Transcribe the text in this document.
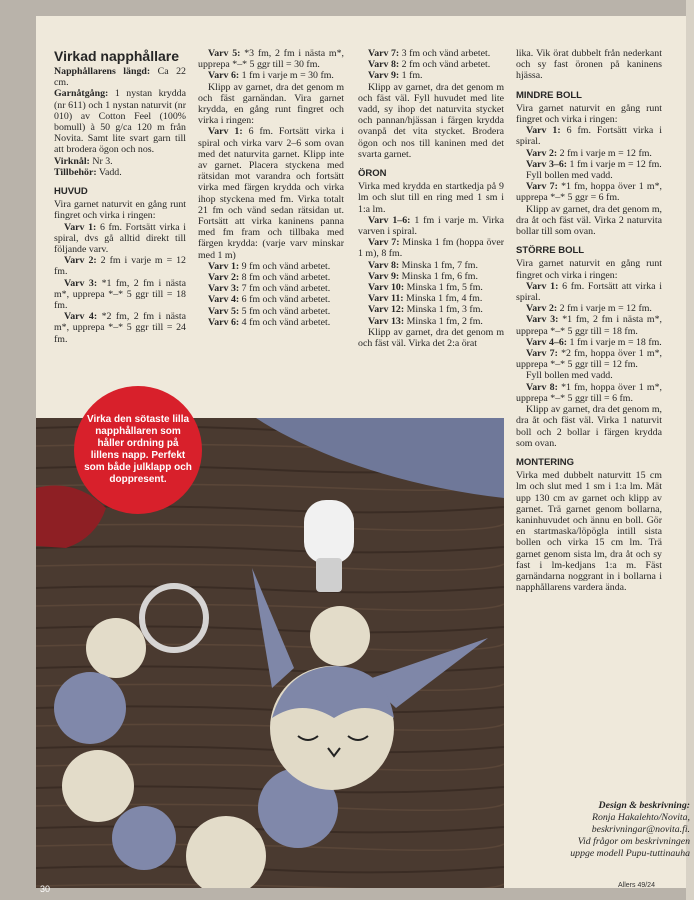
Virkad napphållare

Napphållarens längd: Ca 22 cm.

Garnåtgång: 1 nystan krydda (nr 611) och 1 nystan naturvit (nr 010) av Cotton Feel (100% bomull) à 50 g/ca 120 m från Novita. Samt lite svart garn till att brodera ögon och nos.

Virknål: Nr 3.

Tillbehör: Vadd.

HUVUD

Vira garnet naturvit en gång runt fingret och virka i ringen:

Varv 1: 6 fm. Fortsätt virka i spiral, dvs gå alltid direkt till följande varv.

Varv 2: 2 fm i varje m = 12 fm.

Varv 3: *1 fm, 2 fm i nästa m*, upprepa *–* 5 ggr till = 18 fm.

Varv 4: *2 fm, 2 fm i nästa m*, upprepa *–* 5 ggr till = 24 fm.

Varv 5: *3 fm, 2 fm i nästa m*, upprepa *–* 5 ggr till = 30 fm.

Varv 6: 1 fm i varje m = 30 fm.

Klipp av garnet, dra det genom m och fäst garnändan. Vira garnet krydda, en gång runt fingret och virka i ringen:

Varv 1: 6 fm. Fortsätt virka i spiral och virka varv 2–6 som ovan med det naturvita garnet. Klipp inte av garnet. Placera styckena med rätsidan mot varandra och fortsätt virka med färgen krydda och virka ihop styckena med fm. Virka totalt 21 fm och vänd sedan rätsidan ut. Fortsätt att virka kaninens panna med fm fram och tillbaka med färgen krydda: (varje varv minskar med 1 m)

Varv 1: 9 fm och vänd arbetet.

Varv 2: 8 fm och vänd arbetet.

Varv 3: 7 fm och vänd arbetet.

Varv 4: 6 fm och vänd arbetet.

Varv 5: 5 fm och vänd arbetet.

Varv 6: 4 fm och vänd arbetet.

Varv 7: 3 fm och vänd arbetet.

Varv 8: 2 fm och vänd arbetet.

Varv 9: 1 fm.

Klipp av garnet, dra det genom m och fäst väl. Fyll huvudet med lite vadd, sy ihop det naturvita stycket och pannan/hjässan i färgen krydda ovanpå det vita stycket. Brodera ögon och nos till kaninen med det svarta garnet.

ÖRON

Virka med krydda en startkedja på 9 lm och slut till en ring med 1 sm i 1:a lm.

Varv 1–6: 1 fm i varje m. Virka varven i spiral.

Varv 7: Minska 1 fm (hoppa över 1 m), 8 fm.

Varv 8: Minska 1 fm, 7 fm.

Varv 9: Minska 1 fm, 6 fm.

Varv 10: Minska 1 fm, 5 fm.

Varv 11: Minska 1 fm, 4 fm.

Varv 12: Minska 1 fm, 3 fm.

Varv 13: Minska 1 fm, 2 fm.

Klipp av garnet, dra det genom m och fäst väl. Virka det 2:a örat

lika. Vik örat dubbelt från nederkant och sy fast öronen på kaninens hjässa.

MINDRE BOLL

Vira garnet naturvit en gång runt fingret och virka i ringen:

Varv 1: 6 fm. Fortsätt virka i spiral.

Varv 2: 2 fm i varje m = 12 fm.

Varv 3–6: 1 fm i varje m = 12 fm.

Fyll bollen med vadd.

Varv 7: *1 fm, hoppa över 1 m*, upprepa *–* 5 ggr = 6 fm.

Klipp av garnet, dra det genom m, dra åt och fäst väl. Virka 2 naturvita bollar till som ovan.

STÖRRE BOLL

Vira garnet naturvit en gång runt fingret och virka i ringen:

Varv 1: 6 fm. Fortsätt att virka i spiral.

Varv 2: 2 fm i varje m = 12 fm.

Varv 3: *1 fm, 2 fm i nästa m*, upprepa *–* 5 ggr till = 18 fm.

Varv 4–6: 1 fm i varje m = 18 fm.

Varv 7: *2 fm, hoppa över 1 m*, upprepa *–* 5 ggr till = 12 fm.

Fyll bollen med vadd.

Varv 8: *1 fm, hoppa över 1 m*, upprepa *–* 5 ggr till = 6 fm.

Klipp av garnet, dra det genom m, dra åt och fäst väl. Virka 1 naturvit boll och 2 bollar i färgen krydda som ovan.

MONTERING

Virka med dubbelt naturvitt 15 cm lm och slut med 1 sm i 1:a lm. Mät upp 130 cm av garnet och klipp av garnet. Trä garnet genom bollarna, kaninhuvudet och ännu en boll. Gör en startmaska/löpögla intill sista bollen och virka 15 cm lm. Trä garnet genom sista lm, dra åt och sy fast i lm-kedjans 1:a m. Fäst garnändarna noggrant in i bollarna i napphållarens vardera ända.

Design & beskrivning:
Ronja Hakalehto/Novita,
beskrivningar@novita.fi.
Vid frågor om beskrivningen
uppge modell Pupu-tuttinauha
Virka den sötaste lilla napphållaren som håller ordning på lillens napp. Perfekt som både julklapp och doppresent.
30	Allers 49/24
